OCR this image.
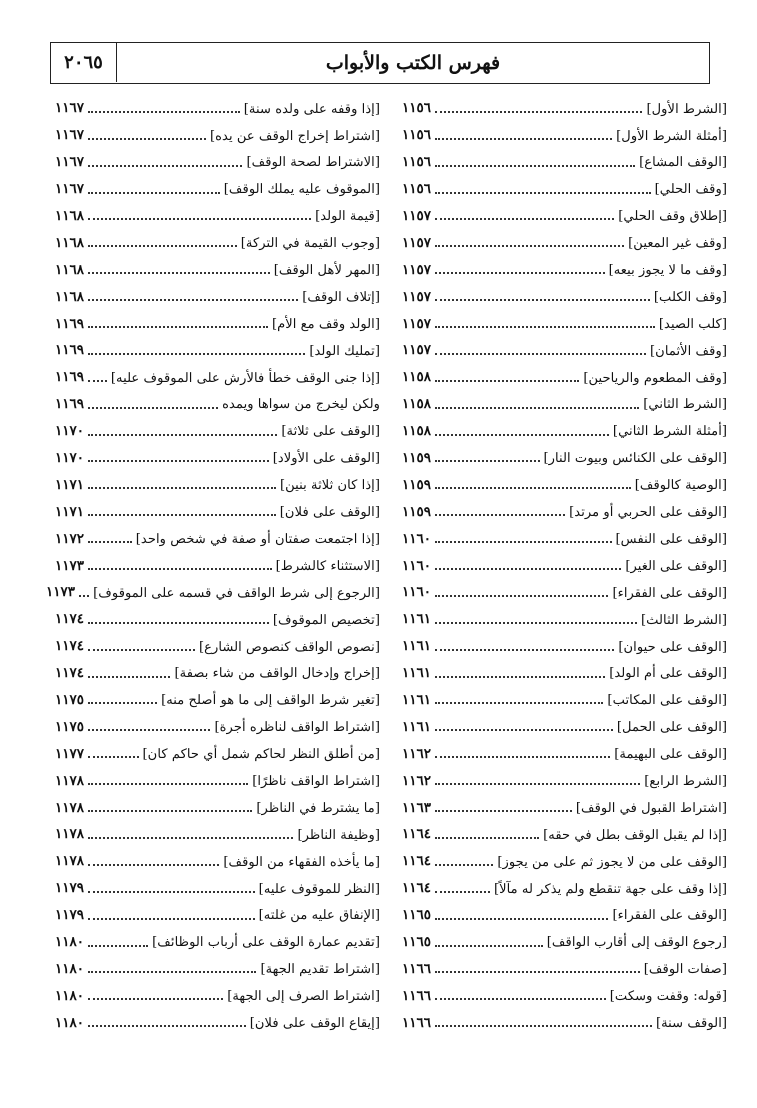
٢٠٦٥	فهرس الكتب والأبواب
[الشرط الأول]
١١٥٦
[أمثلة الشرط الأول]
١١٥٦
[الوقف المشاع]
١١٥٦
[وقف الحلي]
١١٥٦
[إطلاق وقف الحلي]
١١٥٧
[وقف غير المعين]
١١٥٧
[وقف ما لا يجوز بيعه]
١١٥٧
[وقف الكلب]
١١٥٧
[كلب الصيد]
١١٥٧
[وقف الأثمان]
١١٥٧
[وقف المطعوم والرياحين]
١١٥٨
[الشرط الثاني]
١١٥٨
[أمثلة الشرط الثاني]
١١٥٨
[الوقف على الكنائس وبيوت النار]
١١٥٩
[الوصية كالوقف]
١١٥٩
[الوقف على الحربي أو مرتد]
١١٥٩
[الوقف على النفس]
١١٦٠
[الوقف على الغير]
١١٦٠
[الوقف على الفقراء]
١١٦٠
[الشرط الثالث]
١١٦١
[الوقف على حيوان]
١١٦١
[الوقف على أم الولد]
١١٦١
[الوقف على المكاتب]
١١٦١
[الوقف على الحمل]
١١٦١
[الوقف على البهيمة]
١١٦٢
[الشرط الرابع]
١١٦٢
[اشتراط القبول في الوقف]
١١٦٣
[إذا لم يقبل الوقف بطل في حقه]
١١٦٤
[الوقف على من لا يجوز ثم على من يجوز]
١١٦٤
[إذا وقف على جهة تنقطع ولم يذكر له مآلاً]
١١٦٤
[الوقف على الفقراء]
١١٦٥
[رجوع الوقف إلى أقارب الواقف]
١١٦٥
[صفات الوقف]
١١٦٦
[قوله: وقفت وسكت]
١١٦٦
[الوقف سنة]
١١٦٦
[إذا وقفه على ولده سنة]
١١٦٧
[اشتراط إخراج الوقف عن يده]
١١٦٧
[الاشتراط لصحة الوقف]
١١٦٧
[الموقوف عليه يملك الوقف]
١١٦٧
[قيمة الولد]
١١٦٨
[وجوب القيمة في التركة]
١١٦٨
[المهر لأهل الوقف]
١١٦٨
[إتلاف الوقف]
١١٦٨
[الولد وقف مع الأم]
١١٦٩
[تمليك الولد]
١١٦٩
[إذا جنى الوقف خطأ فالأرش على الموقوف عليه]
١١٦٩
ولكن ليخرج من سواها ويمده
١١٦٩
[الوقف على ثلاثة]
١١٧٠
[الوقف على الأولاد]
١١٧٠
[إذا كان ثلاثة بنين]
١١٧١
[الوقف على فلان]
١١٧١
[إذا اجتمعت صفتان أو صفة في شخص واحد]
١١٧٢
[الاستثناء كالشرط]
١١٧٣
[الرجوع إلى شرط الواقف في قسمه على الموقوف]
١١٧٣
[تخصيص الموقوف]
١١٧٤
[نصوص الواقف كنصوص الشارع]
١١٧٤
[إخراج وإدخال الواقف من شاء بصفة]
١١٧٤
[تغير شرط الواقف إلى ما هو أصلح منه]
١١٧٥
[اشتراط الواقف لناظره أجرة]
١١٧٥
[من أطلق النظر لحاكم شمل أي حاكم كان]
١١٧٧
[اشتراط الواقف ناظرًا]
١١٧٨
[ما يشترط في الناظر]
١١٧٨
[وظيفة الناظر]
١١٧٨
[ما يأخذه الفقهاء من الوقف]
١١٧٨
[النظر للموقوف عليه]
١١٧٩
[الإنفاق عليه من غلته]
١١٧٩
[تقديم عمارة الوقف على أرباب الوظائف]
١١٨٠
[اشتراط تقديم الجهة]
١١٨٠
[اشتراط الصرف إلى الجهة]
١١٨٠
[إيقاع الوقف على فلان]
١١٨٠
